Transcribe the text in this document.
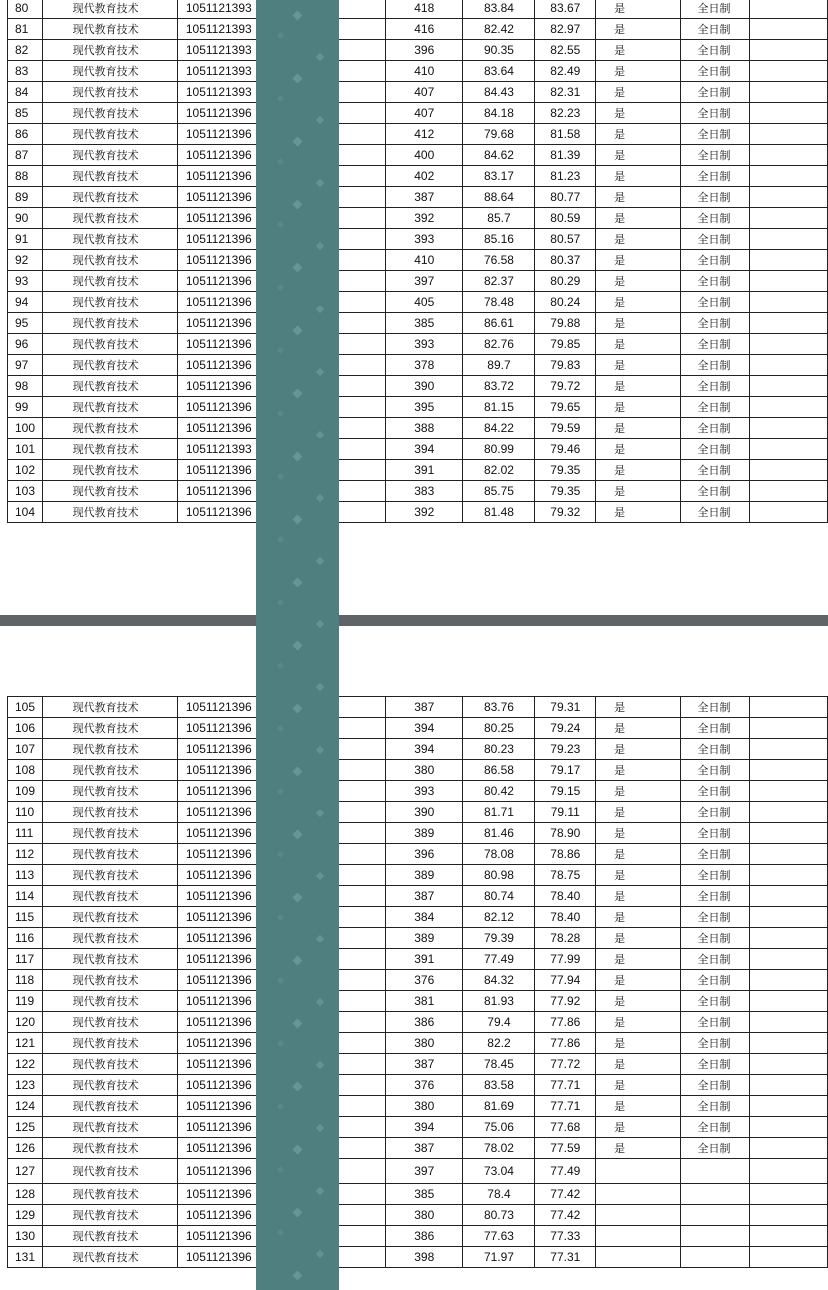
80	现代教育技术	1051121393		418	83.84	83.67	是	全日制	
81	现代教育技术	1051121393		416	82.42	82.97	是	全日制	
82	现代教育技术	1051121393		396	90.35	82.55	是	全日制	
83	现代教育技术	1051121393		410	83.64	82.49	是	全日制	
84	现代教育技术	1051121393		407	84.43	82.31	是	全日制	
85	现代教育技术	1051121396		407	84.18	82.23	是	全日制	
86	现代教育技术	1051121396		412	79.68	81.58	是	全日制	
87	现代教育技术	1051121396		400	84.62	81.39	是	全日制	
88	现代教育技术	1051121396		402	83.17	81.23	是	全日制	
89	现代教育技术	1051121396		387	88.64	80.77	是	全日制	
90	现代教育技术	1051121396		392	85.7	80.59	是	全日制	
91	现代教育技术	1051121396		393	85.16	80.57	是	全日制	
92	现代教育技术	1051121396		410	76.58	80.37	是	全日制	
93	现代教育技术	1051121396		397	82.37	80.29	是	全日制	
94	现代教育技术	1051121396		405	78.48	80.24	是	全日制	
95	现代教育技术	1051121396		385	86.61	79.88	是	全日制	
96	现代教育技术	1051121396		393	82.76	79.85	是	全日制	
97	现代教育技术	1051121396		378	89.7	79.83	是	全日制	
98	现代教育技术	1051121396		390	83.72	79.72	是	全日制	
99	现代教育技术	1051121396		395	81.15	79.65	是	全日制	
100	现代教育技术	1051121396		388	84.22	79.59	是	全日制	
101	现代教育技术	1051121393		394	80.99	79.46	是	全日制	
102	现代教育技术	1051121396		391	82.02	79.35	是	全日制	
103	现代教育技术	1051121396		383	85.75	79.35	是	全日制	
104	现代教育技术	1051121396		392	81.48	79.32	是	全日制	
105	现代教育技术	1051121396		387	83.76	79.31	是	全日制	
106	现代教育技术	1051121396		394	80.25	79.24	是	全日制	
107	现代教育技术	1051121396		394	80.23	79.23	是	全日制	
108	现代教育技术	1051121396		380	86.58	79.17	是	全日制	
109	现代教育技术	1051121396		393	80.42	79.15	是	全日制	
110	现代教育技术	1051121396		390	81.71	79.11	是	全日制	
111	现代教育技术	1051121396		389	81.46	78.90	是	全日制	
112	现代教育技术	1051121396		396	78.08	78.86	是	全日制	
113	现代教育技术	1051121396		389	80.98	78.75	是	全日制	
114	现代教育技术	1051121396		387	80.74	78.40	是	全日制	
115	现代教育技术	1051121396		384	82.12	78.40	是	全日制	
116	现代教育技术	1051121396		389	79.39	78.28	是	全日制	
117	现代教育技术	1051121396		391	77.49	77.99	是	全日制	
118	现代教育技术	1051121396		376	84.32	77.94	是	全日制	
119	现代教育技术	1051121396		381	81.93	77.92	是	全日制	
120	现代教育技术	1051121396		386	79.4	77.86	是	全日制	
121	现代教育技术	1051121396		380	82.2	77.86	是	全日制	
122	现代教育技术	1051121396		387	78.45	77.72	是	全日制	
123	现代教育技术	1051121396		376	83.58	77.71	是	全日制	
124	现代教育技术	1051121396		380	81.69	77.71	是	全日制	
125	现代教育技术	1051121396		394	75.06	77.68	是	全日制	
126	现代教育技术	1051121396		387	78.02	77.59	是	全日制	
127	现代教育技术	1051121396		397	73.04	77.49			
128	现代教育技术	1051121396		385	78.4	77.42			
129	现代教育技术	1051121396		380	80.73	77.42			
130	现代教育技术	1051121396		386	77.63	77.33			
131	现代教育技术	1051121396		398	71.97	77.31			
